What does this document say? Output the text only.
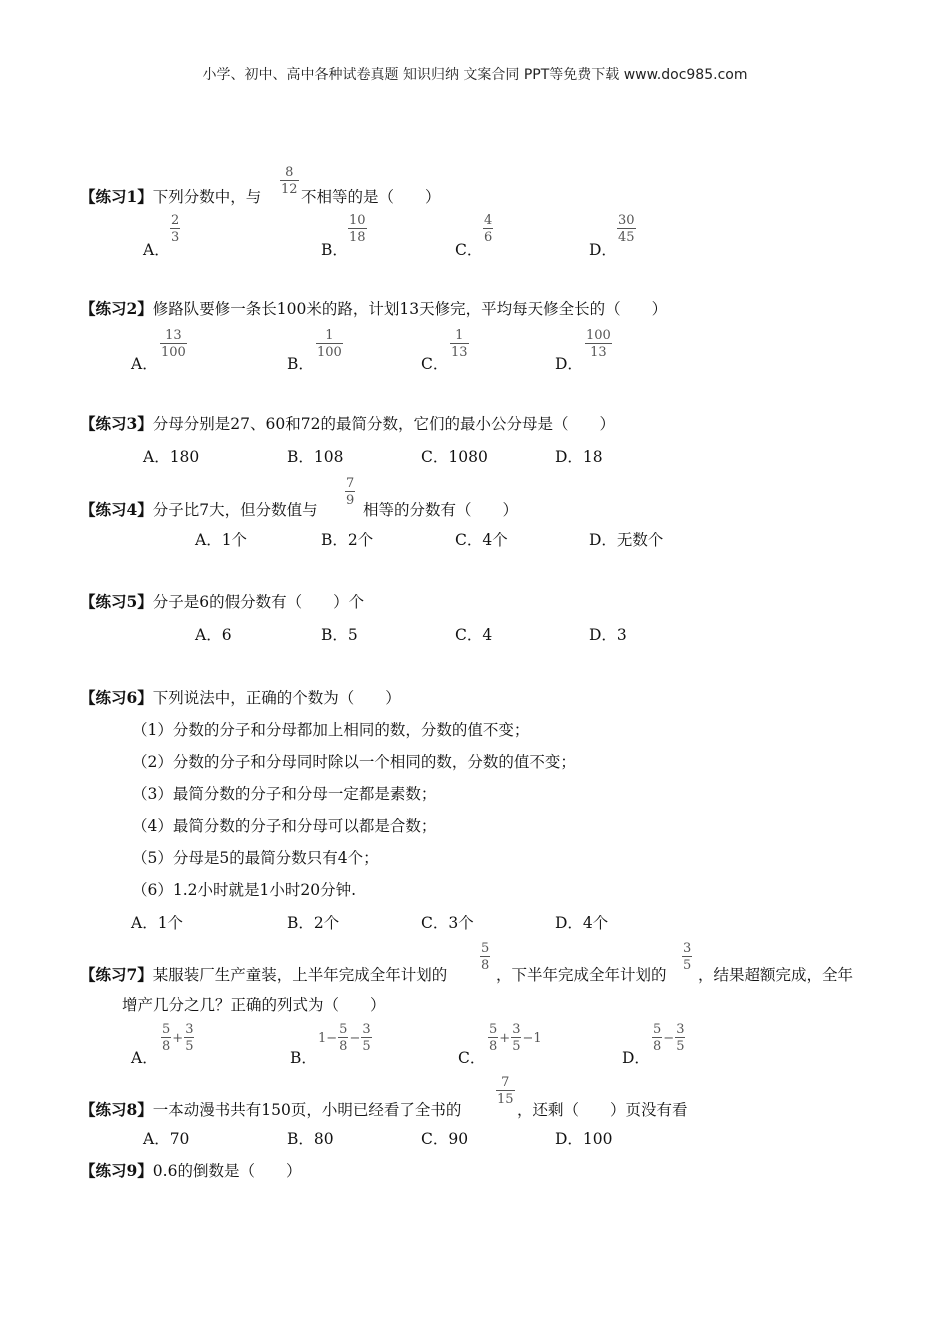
小学、初中、高中各种试卷真题 知识归纳 文案合同 PPT等免费下载 www.doc985.com
【练习1】下列分数中，与 $\frac{8}{12}$ 不相等的是（　　）
A．
$\frac{2}{3}$
B．
$\frac{10}{18}$
C．
$\frac{4}{6}$
D．
$\frac{30}{45}$
【练习2】修路队要修一条长100米的路，计划13天修完，平均每天修全长的（　　）
A．
$\frac{13}{100}$
B．
$\frac{1}{100}$
C．
$\frac{1}{13}$
D．
$\frac{100}{13}$
【练习3】分母分别是27、60和72的最简分数，它们的最小公分母是（　　）
A．180	B．108	C．1080	D．18
【练习4】分子比7大，但分数值与
$\frac{7}{9}$
相等的分数有（　　）
A．1个	B．2个	C．4个	D．无数个
【练习5】分子是6的假分数有（　　）个
A．6	B．5	C．4	D．3
【练习6】下列说法中，正确的个数为（　　）
（1）分数的分子和分母都加上相同的数，分数的值不变；
（2）分数的分子和分母同时除以一个相同的数，分数的值不变；
（3）最简分数的分子和分母一定都是素数；
（4）最简分数的分子和分母可以都是合数；
（5）分母是5的最简分数只有4个；
（6）1.2小时就是1小时20分钟.
A．1个	B．2个	C．3个	D．4个
【练习7】某服装厂生产童装，上半年完成全年计划的
$\frac{5}{8}$
，下半年完成全年计划的
$\frac{3}{5}$
，结果超额完成，全年
增产几分之几？正确的列式为（　　）
A．
$\frac{5}{8} + \frac{3}{5}$
B．
$1- \frac{5}{8} - \frac{3}{5}$
C．
$\frac{5}{8} + \frac{3}{5} -1$
D．
$\frac{5}{8} - \frac{3}{5}$
【练习8】一本动漫书共有150页，小明已经看了全书的
$\frac{7}{15}$
，还剩（　　）页没有看
A．70	B．80	C．90	D．100
【练习9】0.6的倒数是（　　）
